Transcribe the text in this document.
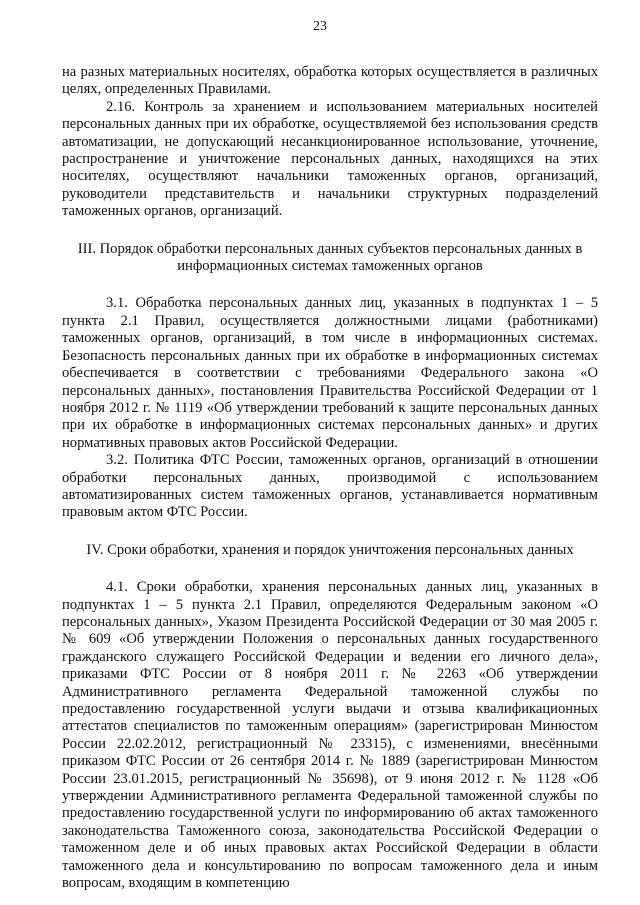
23

на разных материальных носителях, обработка которых осуществляется в различных целях, определенных Правилами.

2.16. Контроль за хранением и использованием материальных носителей персональных данных при их обработке, осуществляемой без использования средств автоматизации, не допускающий несанкционированное использование, уточнение, распространение и уничтожение персональных данных, находящихся на этих носителях, осуществляют начальники таможенных органов, организаций, руководители представительств и начальники структурных подразделений таможенных органов, организаций.

III. Порядок обработки персональных данных субъектов персональных данных в информационных системах таможенных органов

3.1. Обработка персональных данных лиц, указанных в подпунктах 1 – 5 пункта 2.1 Правил, осуществляется должностными лицами (работниками) таможенных органов, организаций, в том числе в информационных системах. Безопасность персональных данных при их обработке в информационных системах обеспечивается в соответствии с требованиями Федерального закона «О персональных данных», постановления Правительства Российской Федерации от 1 ноября 2012 г. № 1119 «Об утверждении требований к защите персональных данных при их обработке в информационных системах персональных данных» и других нормативных правовых актов Российской Федерации.

3.2. Политика ФТС России, таможенных органов, организаций в отношении обработки персональных данных, производимой с использованием автоматизированных систем таможенных органов, устанавливается нормативным правовым актом ФТС России.

IV. Сроки обработки, хранения и порядок уничтожения персональных данных

4.1. Сроки обработки, хранения персональных данных лиц, указанных в подпунктах 1 – 5 пункта 2.1 Правил, определяются Федеральным законом «О персональных данных», Указом Президента Российской Федерации от 30 мая 2005 г. № 609 «Об утверждении Положения о персональных данных государственного гражданского служащего Российской Федерации и ведении его личного дела», приказами ФТС России от 8 ноября 2011 г. № 2263 «Об утверждении Административного регламента Федеральной таможенной службы по предоставлению государственной услуги выдачи и отзыва квалификационных аттестатов специалистов по таможенным операциям» (зарегистрирован Минюстом России 22.02.2012, регистрационный № 23315), с изменениями, внесёнными приказом ФТС России от 26 сентября 2014 г. № 1889 (зарегистрирован Минюстом России 23.01.2015, регистрационный № 35698), от 9 июня 2012 г. № 1128 «Об утверждении Административного регламента Федеральной таможенной службы по предоставлению государственной услуги по информированию об актах таможенного законодательства Таможенного союза, законодательства Российской Федерации о таможенном деле и об иных правовых актах Российской Федерации в области таможенного дела и консультированию по вопросам таможенного дела и иным вопросам, входящим в компетенцию
